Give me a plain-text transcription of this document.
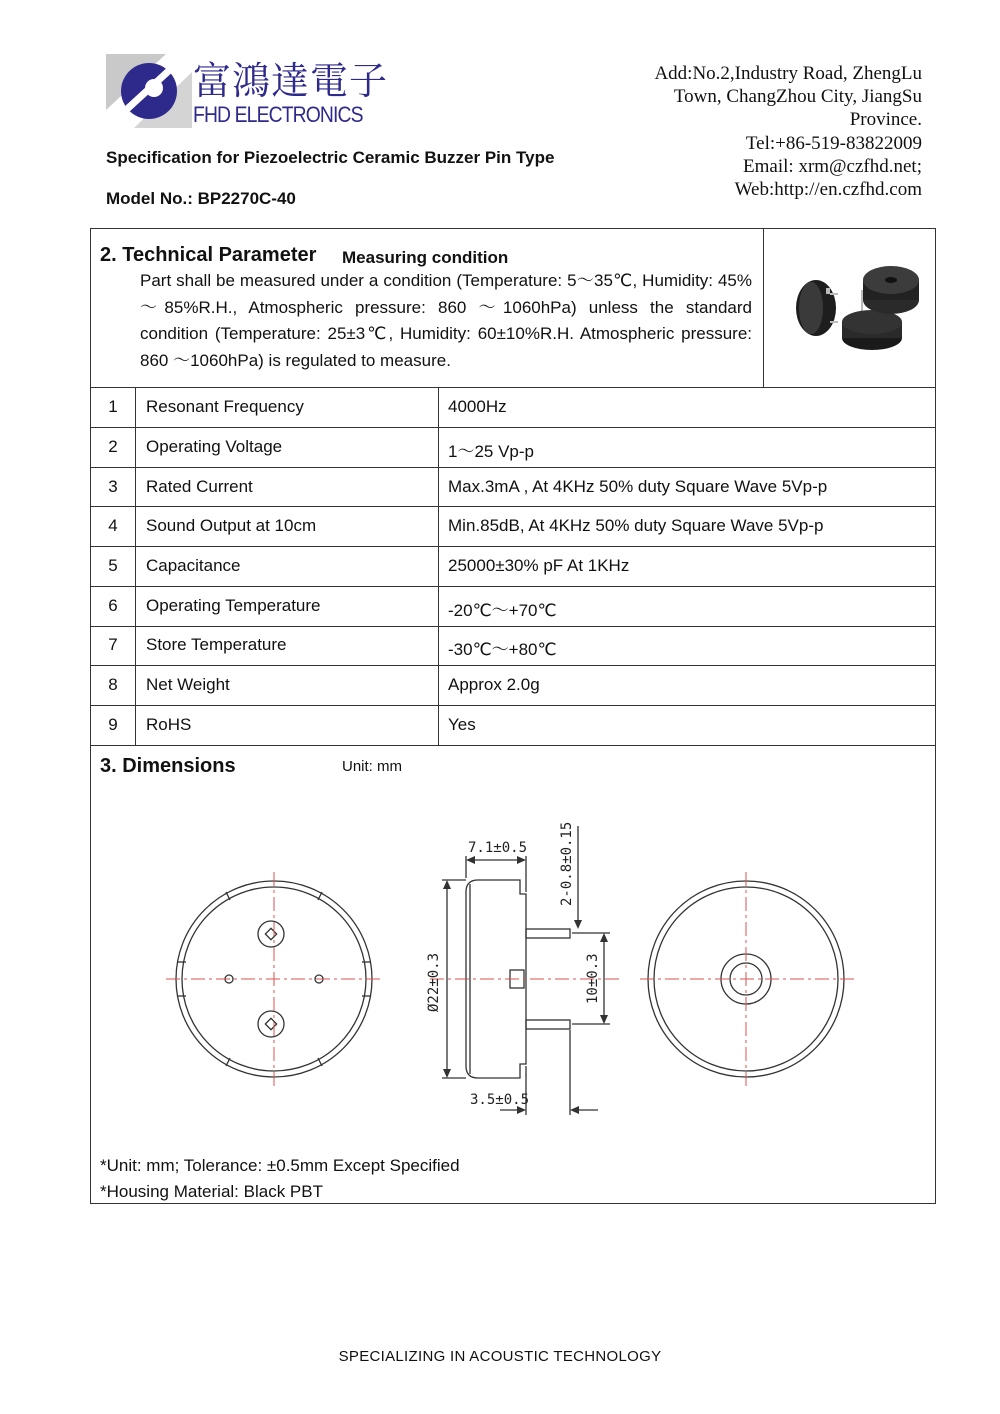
富鴻達電子
FHD ELECTRONICS
Specification for Piezoelectric Ceramic Buzzer Pin Type
Model No.: BP2270C-40
Add:No.2,Industry Road, ZhengLu
Town, ChangZhou City, JiangSu
Province.
Tel:+86-519-83822009
Email: xrm@czfhd.net;
Web:http://en.czfhd.com
2. Technical Parameter Measuring condition
Part shall be measured under a condition (Temperature: 5～35℃, Humidity: 45%～85%R.H., Atmospheric pressure: 860 ～1060hPa) unless the standard condition (Temperature: 25±3℃, Humidity: 60±10%R.H. Atmospheric pressure: 860 ～1060hPa) is regulated to measure.
1	Resonant Frequency	4000Hz
2	Operating Voltage	1～25 Vp-p
3	Rated Current	Max.3mA , At 4KHz 50% duty Square Wave 5Vp-p
4	Sound Output at 10cm	Min.85dB, At 4KHz 50% duty Square Wave 5Vp-p
5	Capacitance	25000±30% pF At 1KHz
6	Operating Temperature	-20℃～+70℃
7	Store Temperature	-30℃～+80℃
8	Net Weight	Approx 2.0g
9	RoHS	Yes
3. Dimensions	Unit: mm
7.1±0.5 2-0.8±0.15
Ø22±0.3	10±0.3
3.5±0.5
*Unit: mm; Tolerance: ±0.5mm Except Specified
*Housing Material: Black PBT
SPECIALIZING IN ACOUSTIC TECHNOLOGY
